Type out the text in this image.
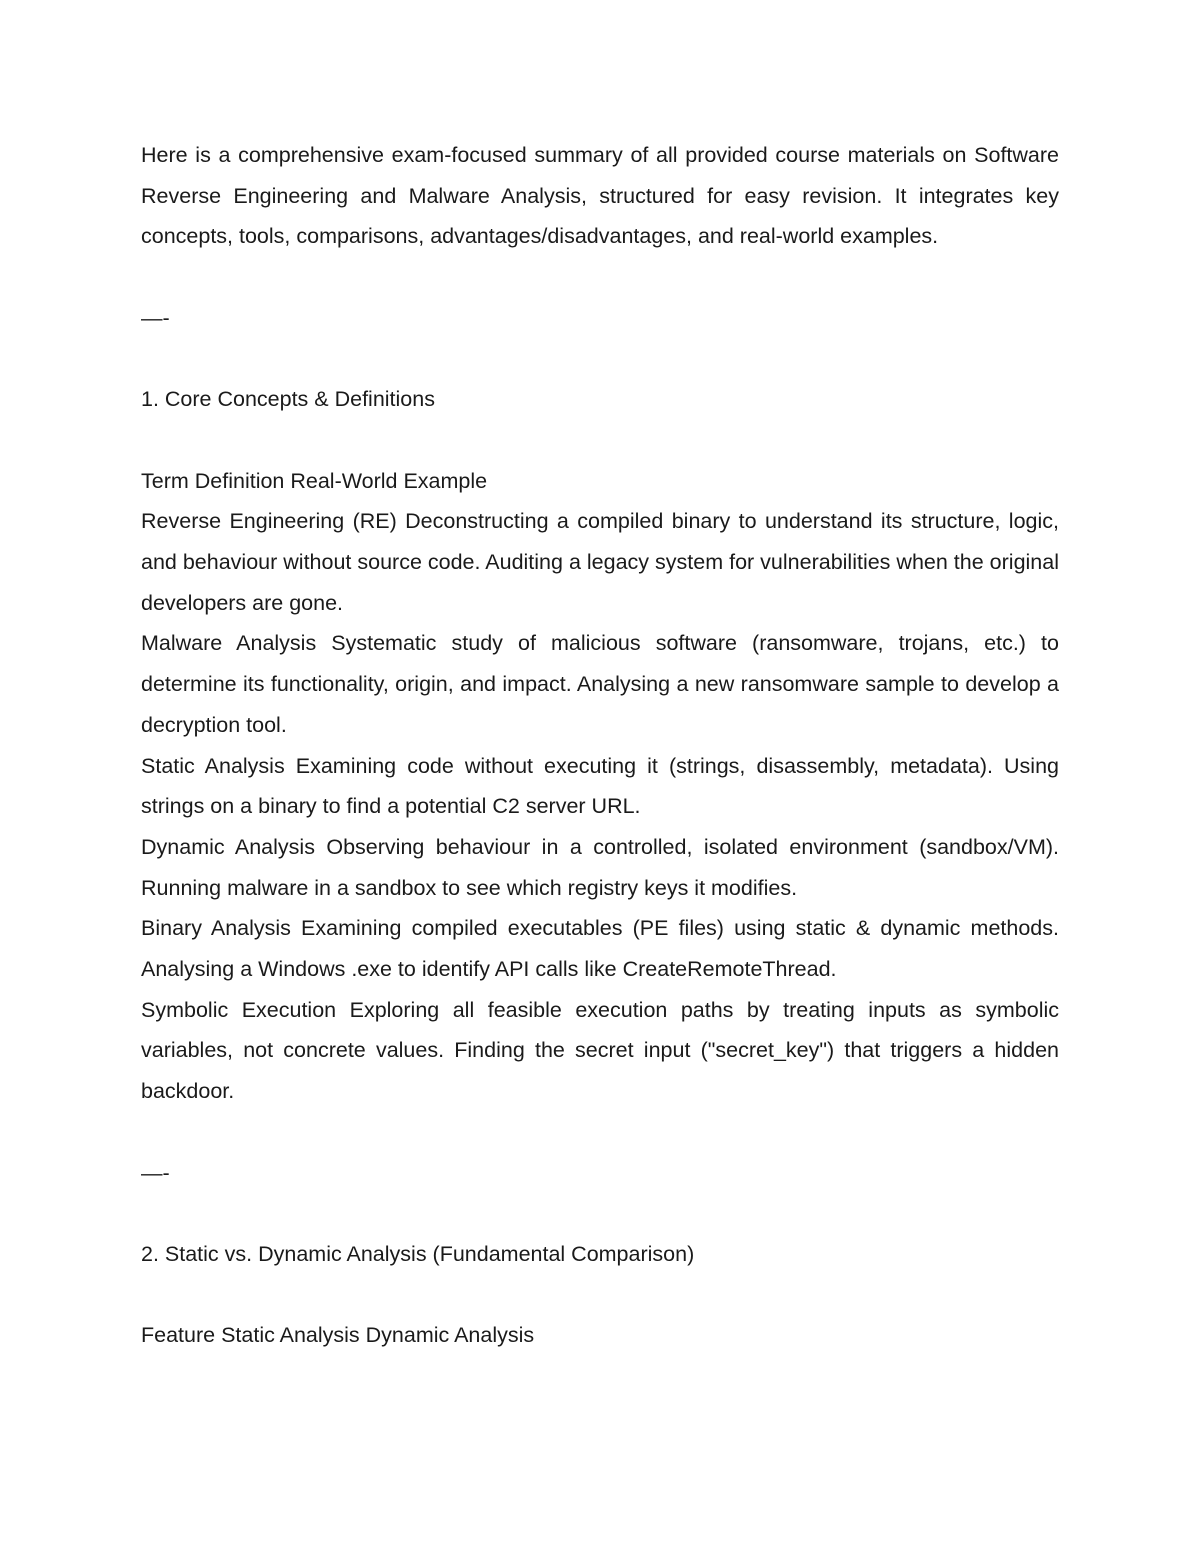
Here is a comprehensive exam-focused summary of all provided course materials on Software Reverse Engineering and Malware Analysis, structured for easy revision. It integrates key concepts, tools, comparisons, advantages/disadvantages, and real-world examples.

—-

1. Core Concepts & Definitions

Term Definition Real-World Example

Reverse Engineering (RE) Deconstructing a compiled binary to understand its structure, logic, and behaviour without source code. Auditing a legacy system for vulnerabilities when the original developers are gone.

Malware Analysis Systematic study of malicious software (ransomware, trojans, etc.) to determine its functionality, origin, and impact. Analysing a new ransomware sample to develop a decryption tool.

Static Analysis Examining code without executing it (strings, disassembly, metadata). Using strings on a binary to find a potential C2 server URL.

Dynamic Analysis Observing behaviour in a controlled, isolated environment (sandbox/VM). Running malware in a sandbox to see which registry keys it modifies.

Binary Analysis Examining compiled executables (PE files) using static & dynamic methods. Analysing a Windows .exe to identify API calls like CreateRemoteThread.

Symbolic Execution Exploring all feasible execution paths by treating inputs as symbolic variables, not concrete values. Finding the secret input ("secret_key") that triggers a hidden backdoor.

—-

2. Static vs. Dynamic Analysis (Fundamental Comparison)

Feature Static Analysis Dynamic Analysis
